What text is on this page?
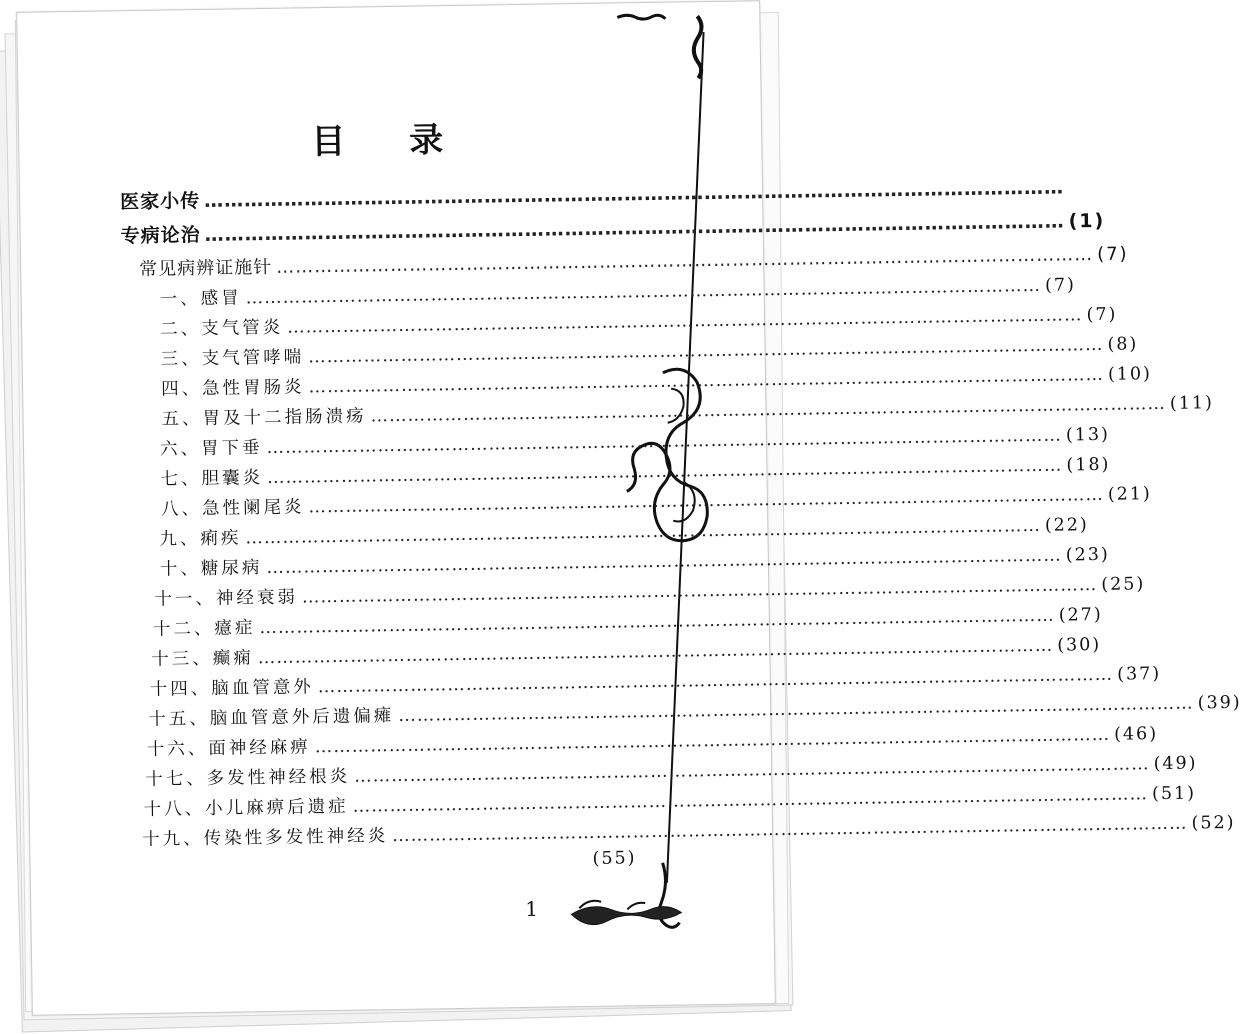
目 录
医家小传 …………………………………………………………………………………………………………………
专病论治 ………………………………………………………………………………………………………………… (1)
常见病辨证施针 ………………………………………………………………………………………………………………… (7)
一、感冒 ………………………………………………………………………………………………………………… (7)
二、支气管炎 ………………………………………………………………………………………………………………… (7)
三、支气管哮喘 ………………………………………………………………………………………………………………… (8)
四、急性胃肠炎 ………………………………………………………………………………………………………………… (10)
五、胃及十二指肠溃疡 ………………………………………………………………………………………………………………… (11)
六、胃下垂 ………………………………………………………………………………………………………………… (13)
七、胆囊炎 ………………………………………………………………………………………………………………… (18)
八、急性阑尾炎 ………………………………………………………………………………………………………………… (21)
九、痢疾 ………………………………………………………………………………………………………………… (22)
十、糖尿病 ………………………………………………………………………………………………………………… (23)
十一、神经衰弱 ………………………………………………………………………………………………………………… (25)
十二、癔症 ………………………………………………………………………………………………………………… (27)
十三、癫痫 ………………………………………………………………………………………………………………… (30)
十四、脑血管意外 ………………………………………………………………………………………………………………… (37)
十五、脑血管意外后遗偏瘫 ………………………………………………………………………………………………………………… (39)
十六、面神经麻痹 ………………………………………………………………………………………………………………… (46)
十七、多发性神经根炎 ………………………………………………………………………………………………………………… (49)
十八、小儿麻痹后遗症 ………………………………………………………………………………………………………………… (51)
十九、传染性多发性神经炎 ………………………………………………………………………………………………………………… (52)
(55)
1
